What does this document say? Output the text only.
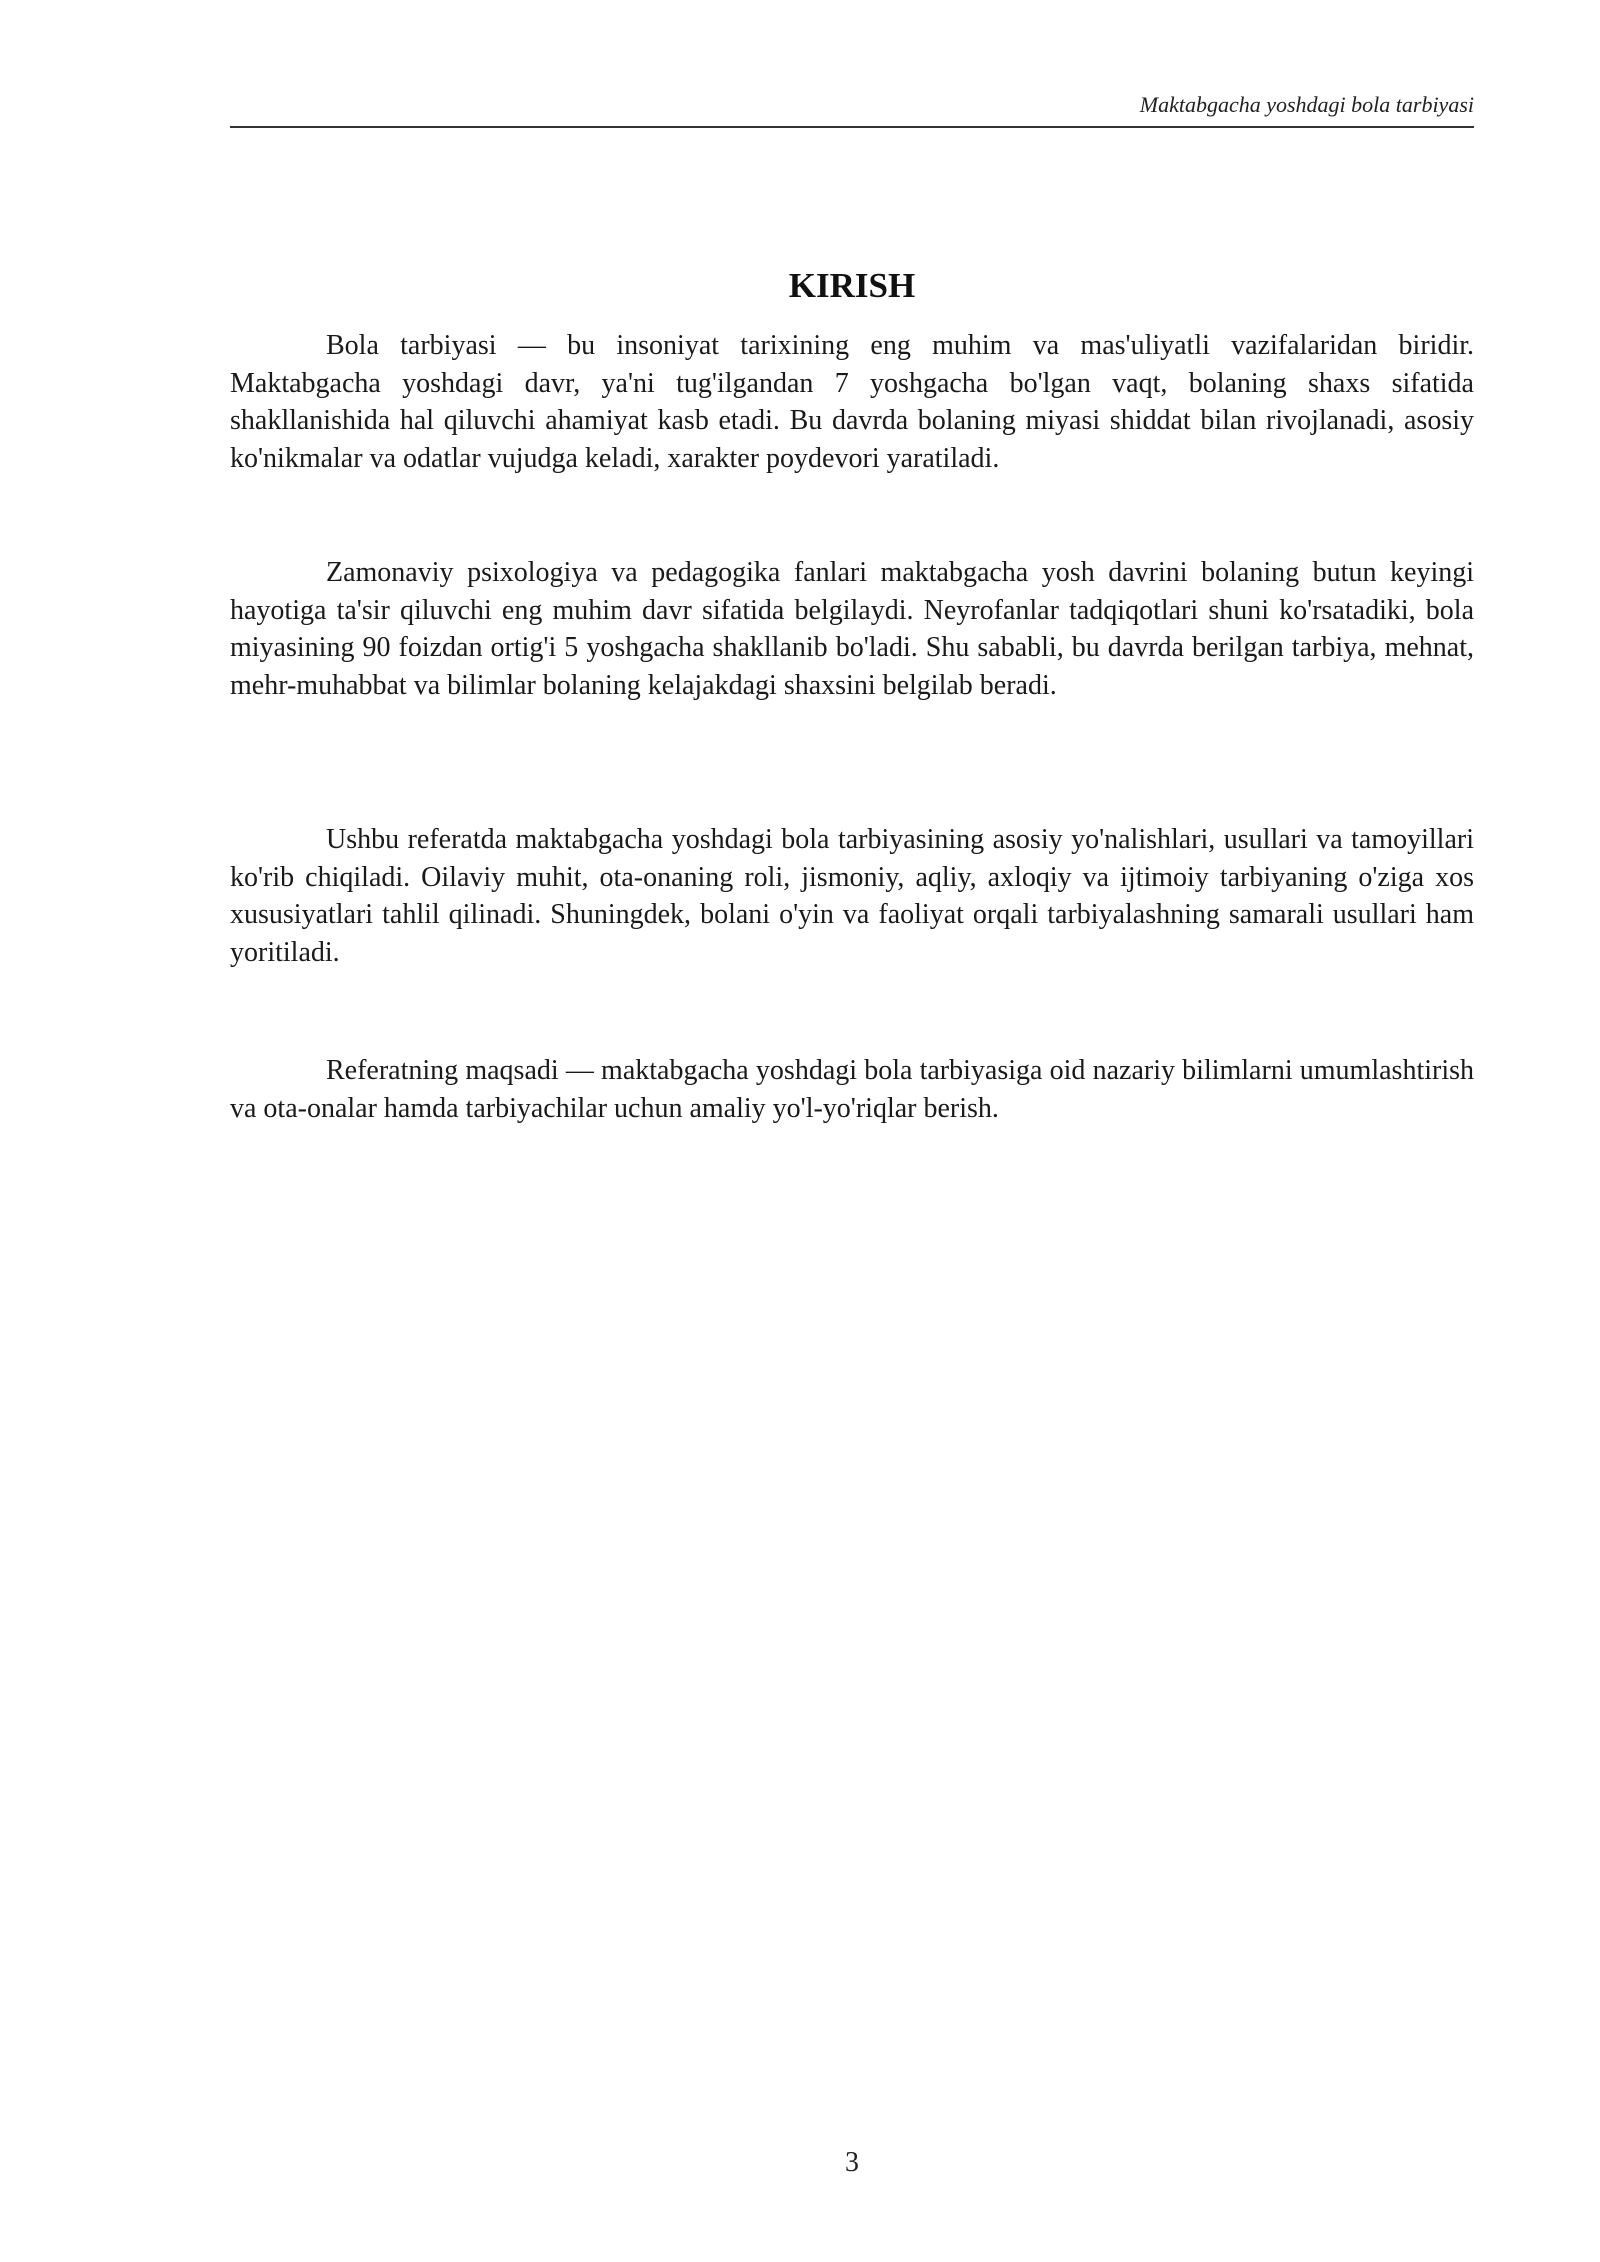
Maktabgacha yoshdagi bola tarbiyasi
KIRISH

Bola tarbiyasi — bu insoniyat tarixining eng muhim va mas'uliyatli vazifalaridan biridir. Maktabgacha yoshdagi davr, ya'ni tug'ilgandan 7 yoshgacha bo'lgan vaqt, bolaning shaxs sifatida shakllanishida hal qiluvchi ahamiyat kasb etadi. Bu davrda bolaning miyasi shiddat bilan rivojlanadi, asosiy ko'nikmalar va odatlar vujudga keladi, xarakter poydevori yaratiladi.

Zamonaviy psixologiya va pedagogika fanlari maktabgacha yosh davrini bolaning butun keyingi hayotiga ta'sir qiluvchi eng muhim davr sifatida belgilaydi. Neyrofanlar tadqiqotlari shuni ko'rsatadiki, bola miyasining 90 foizdan ortig'i 5 yoshgacha shakllanib bo'ladi. Shu sababli, bu davrda berilgan tarbiya, mehnat, mehr-muhabbat va bilimlar bolaning kelajakdagi shaxsini belgilab beradi.

Ushbu referatda maktabgacha yoshdagi bola tarbiyasining asosiy yo'nalishlari, usullari va tamoyillari ko'rib chiqiladi. Oilaviy muhit, ota-onaning roli, jismoniy, aqliy, axloqiy va ijtimoiy tarbiyaning o'ziga xos xususiyatlari tahlil qilinadi. Shuningdek, bolani o'yin va faoliyat orqali tarbiyalashning samarali usullari ham yoritiladi.

Referatning maqsadi — maktabgacha yoshdagi bola tarbiyasiga oid nazariy bilimlarni umumlashtirish va ota-onalar hamda tarbiyachilar uchun amaliy yo'l-yo'riqlar berish.

3
